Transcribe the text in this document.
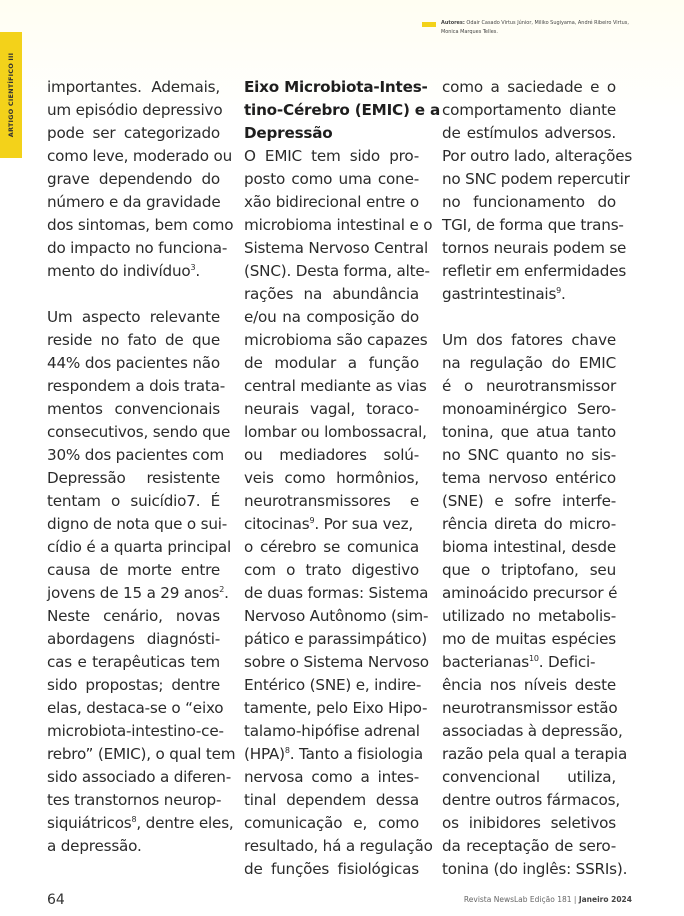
ARTIGO CIENTÍFICO III
Autores: Odair Casado Virtus Júnior, Miliko Sugiyama, André Ribeiro Virtus,
Monica Marques Telles.
importantes. Ademais,
um episódio depressivo
pode ser categorizado
como leve, moderado ou
grave dependendo do
número e da gravidade
dos sintomas, bem como
do impacto no funciona-
mento do indivíduo$^3$.
Um aspecto relevante
reside no fato de que
44% dos pacientes não
respondem a dois trata-
mentos convencionais
consecutivos, sendo que
30% dos pacientes com
Depressão resistente
tentam o suicídio7. É
digno de nota que o sui-
cídio é a quarta principal
causa de morte entre
jovens de 15 a 29 anos$^2$.
Neste cenário, novas
abordagens diagnósti-
cas e terapêuticas tem
sido propostas; dentre
elas, destaca-se o “eixo
microbiota-intestino-ce-
rebro” (EMIC), o qual tem
sido associado a diferen-
tes transtornos neurop-
siquiátricos$^8$, dentre eles,
a depressão.
Eixo Microbiota-Intes-
tino-Cérebro (EMIC) e a
Depressão
O EMIC tem sido pro-
posto como uma cone-
xão bidirecional entre o
microbioma intestinal e o
Sistema Nervoso Central
(SNC). Desta forma, alte-
rações na abundância
e/ou na composição do
microbioma são capazes
de modular a função
central mediante as vias
neurais vagal, toraco-
lombar ou lombossacral,
ou mediadores solú-
veis como hormônios,
neurotransmissores e
citocinas$^9$. Por sua vez,
o cérebro se comunica
com o trato digestivo
de duas formas: Sistema
Nervoso Autônomo (sim-
pático e parassimpático)
sobre o Sistema Nervoso
Entérico (SNE) e, indire-
tamente, pelo Eixo Hipo-
talamo-hipófise adrenal
(HPA)$^8$. Tanto a fisiologia
nervosa como a intes-
tinal dependem dessa
comunicação e, como
resultado, há a regulação
de funções fisiológicas
como a saciedade e o
comportamento diante
de estímulos adversos.
Por outro lado, alterações
no SNC podem repercutir
no funcionamento do
TGI, de forma que trans-
tornos neurais podem se
refletir em enfermidades
gastrintestinais$^9$.
Um dos fatores chave
na regulação do EMIC
é o neurotransmissor
monoaminérgico Sero-
tonina, que atua tanto
no SNC quanto no sis-
tema nervoso entérico
(SNE) e sofre interfe-
rência direta do micro-
bioma intestinal, desde
que o triptofano, seu
aminoácido precursor é
utilizado no metabolis-
mo de muitas espécies
bacterianas$^{10}$. Defici-
ência nos níveis deste
neurotransmissor estão
associadas à depressão,
razão pela qual a terapia
convencional utiliza,
dentre outros fármacos,
os inibidores seletivos
da receptação de sero-
tonina (do inglês: SSRIs).
64	Revista NewsLab Edição 181 | Janeiro 2024
